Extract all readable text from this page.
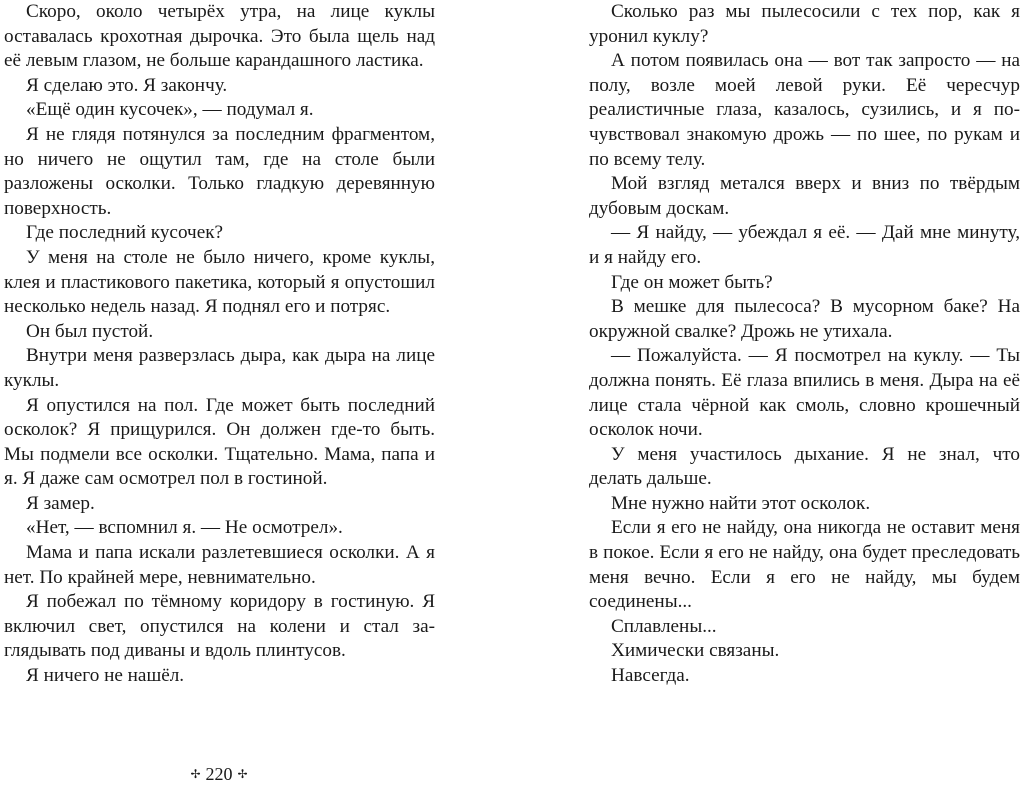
Скоро, около четырёх утра, на лице куклы оставалась крохотная дырочка. Это была щель над её левым глазом, не больше карандашного ластика.

Я сделаю это. Я закончу.

«Ещё один кусочек», — подумал я.

Я не глядя потянулся за последним фрагментом, но ничего не ощутил там, где на столе были разложены осколки. Только гладкую деревянную поверхность.

Где последний кусочек?

У меня на столе не было ничего, кроме куклы, клея и пластикового пакетика, который я опустошил несколько недель назад. Я поднял его и потряс.

Он был пустой.

Внутри меня разверзлась дыра, как дыра на лице куклы.

Я опустился на пол. Где может быть последний осколок? Я прищурился. Он должен где-то быть. Мы подмели все осколки. Тщательно. Мама, папа и я. Я даже сам осмотрел пол в гостиной.

Я замер.

«Нет, — вспомнил я. — Не осмотрел».

Мама и папа искали разлетевшиеся осколки. А я нет. По крайней мере, невнимательно.

Я побежал по тёмному коридору в гостиную. Я включил свет, опустился на колени и стал заглядывать под диваны и вдоль плинтусов.

Я ничего не нашёл.

✢ 220 ✢

Сколько раз мы пылесосили с тех пор, как я уронил куклу?

А потом появилась она — вот так запросто — на полу, возле моей левой руки. Её чересчур реалистичные глаза, казалось, сузились, и я почувствовал знакомую дрожь — по шее, по рукам и по всему телу.

Мой взгляд метался вверх и вниз по твёрдым дубовым доскам.

— Я найду, — убеждал я её. — Дай мне минуту, и я найду его.

Где он может быть?

В мешке для пылесоса? В мусорном баке? На окружной свалке? Дрожь не утихала.

— Пожалуйста. — Я посмотрел на куклу. — Ты должна понять. Её глаза впились в меня. Дыра на её лице стала чёрной как смоль, словно крошечный осколок ночи.

У меня участилось дыхание. Я не знал, что делать дальше.

Мне нужно найти этот осколок.

Если я его не найду, она никогда не оставит меня в покое. Если я его не найду, она будет преследовать меня вечно. Если я его не найду, мы будем соединены...

Сплавлены...

Химически связаны.

Навсегда.
